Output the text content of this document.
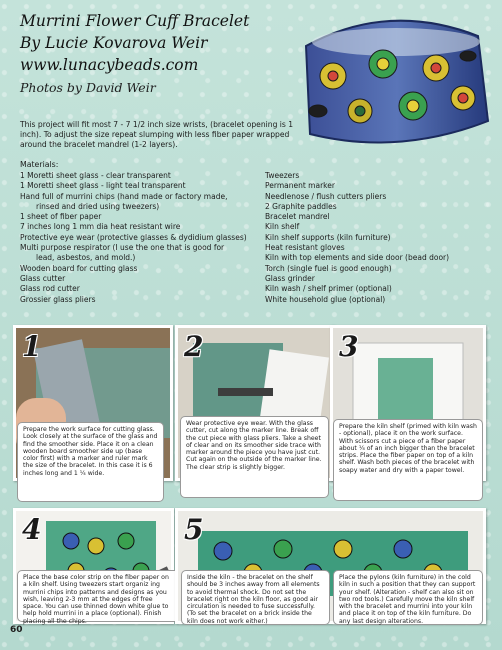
Murrini Flower Cuff Bracelet
By Lucie Kovarova Weir
www.lunacybeads.com
Photos by David Weir
This project will fit most 7 - 7 1/2 inch size wrists, (bracelet opening is 1 inch). To adjust the size repeat slumping with less fiber paper wrapped around the bracelet mandrel (1-2 layers).
Materials:
1 Moretti sheet glass - clear transparent
1 Moretti sheet glass - light teal transparent
Hand full of murrini chips (hand made or factory made,
rinsed and dried using tweezers)
1 sheet of fiber paper
7 inches long 1 mm dia heat resistant wire
Protective eye wear (protective glasses & dydidium glasses)
Multi purpose respirator (I use the one that is good for
lead, asbestos, and mold.)
Wooden board for cutting glass
Glass cutter
Glass rod cutter
Grossier glass pliers
Tweezers
Permanent marker
Needlenose / flush cutters pliers
2 Graphite paddles
Bracelet mandrel
Kiln shelf
Kiln shelf supports (kiln furniture)
Heat resistant gloves
Kiln with top elements and side door (bead door)
Torch (single fuel is good enough)
Glass grinder
Kiln wash / shelf primer (optional)
White household glue (optional)
1
Prepare the work surface for cutting glass. Look closely at the surface of the glass and find the smoother side. Place it on a clean wooden board smoother side up (base color first) with a marker and ruler mark the size of the bracelet. In this case it is 6 inches long and 1 ¼ wide.
2
Wear protective eye wear. With the glass cutter, cut along the marker line. Break off the cut piece with glass pliers. Take a sheet of clear and on its smoother side trace with marker around the piece you have just cut. Cut again on the outside of the marker line. The clear strip is slightly bigger.
3
Prepare the kiln shelf (primed with kiln wash - optional), place it on the work surface. With scissors cut a piece of a fiber paper about ¼ of an inch bigger than the bracelet strips. Place the fiber paper on top of a kiln shelf. Wash both pieces of the bracelet with soapy water and dry with a paper towel.
4
Place the base color strip on the fiber paper on a kiln shelf. Using tweezers start organiz ing murrini chips into patterns and designs as you wish, leaving 2-3 mm at the edges of free space. You can use thinned down white glue to help hold murrini in a place (optional). Finish placing all the chips.
5
Inside the kiln - the bracelet on the shelf should be 3 inches away from all elements to avoid thermal shock. Do not set the bracelet right on the kiln floor, as good air circulation is needed to fuse successfully. (To set the bracelet on a brick inside the kiln does not work either.)
Place the pylons (kiln furniture) in the cold kiln in such a position that they can support your shelf. (Alteration - shelf can also sit on two rod tools.) Carefully move the kiln shelf with the bracelet and murrini into your kiln and place it on top of the kiln furniture. Do any last design alterations.
60
